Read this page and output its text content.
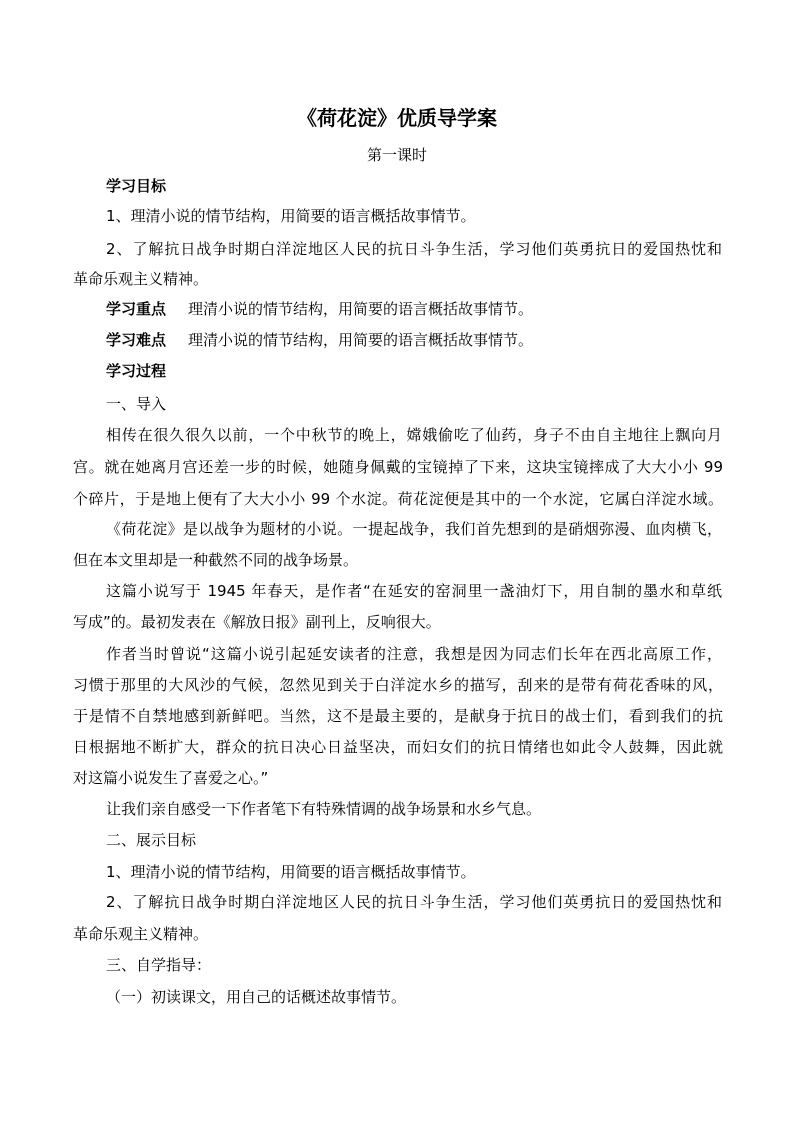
《荷花淀》优质导学案
第一课时
学习目标
1、理清小说的情节结构，用简要的语言概括故事情节。
2、了解抗日战争时期白洋淀地区人民的抗日斗争生活，学习他们英勇抗日的爱国热忱和
革命乐观主义精神。
学习重点 理清小说的情节结构，用简要的语言概括故事情节。
学习难点 理清小说的情节结构，用简要的语言概括故事情节。
学习过程
一、导入
相传在很久很久以前，一个中秋节的晚上，嫦娥偷吃了仙药，身子不由自主地往上飘向月
宫。就在她离月宫还差一步的时候，她随身佩戴的宝镜掉了下来，这块宝镜摔成了大大小小 99
个碎片，于是地上便有了大大小小 99 个水淀。荷花淀便是其中的一个水淀，它属白洋淀水域。
《荷花淀》是以战争为题材的小说。一提起战争，我们首先想到的是硝烟弥漫、血肉横飞，
但在本文里却是一种截然不同的战争场景。
这篇小说写于 1945 年春天，是作者“在延安的窑洞里一盏油灯下，用自制的墨水和草纸
写成”的。最初发表在《解放日报》副刊上，反响很大。
作者当时曾说“这篇小说引起延安读者的注意，我想是因为同志们长年在西北高原工作，
习惯于那里的大风沙的气候，忽然见到关于白洋淀水乡的描写，刮来的是带有荷花香味的风，
于是情不自禁地感到新鲜吧。当然，这不是最主要的，是献身于抗日的战士们，看到我们的抗
日根据地不断扩大，群众的抗日决心日益坚决，而妇女们的抗日情绪也如此令人鼓舞，因此就
对这篇小说发生了喜爱之心。”
让我们亲自感受一下作者笔下有特殊情调的战争场景和水乡气息。
二、展示目标
1、理清小说的情节结构，用简要的语言概括故事情节。
2、了解抗日战争时期白洋淀地区人民的抗日斗争生活，学习他们英勇抗日的爱国热忱和
革命乐观主义精神。
三、自学指导：
（一）初读课文，用自己的话概述故事情节。
